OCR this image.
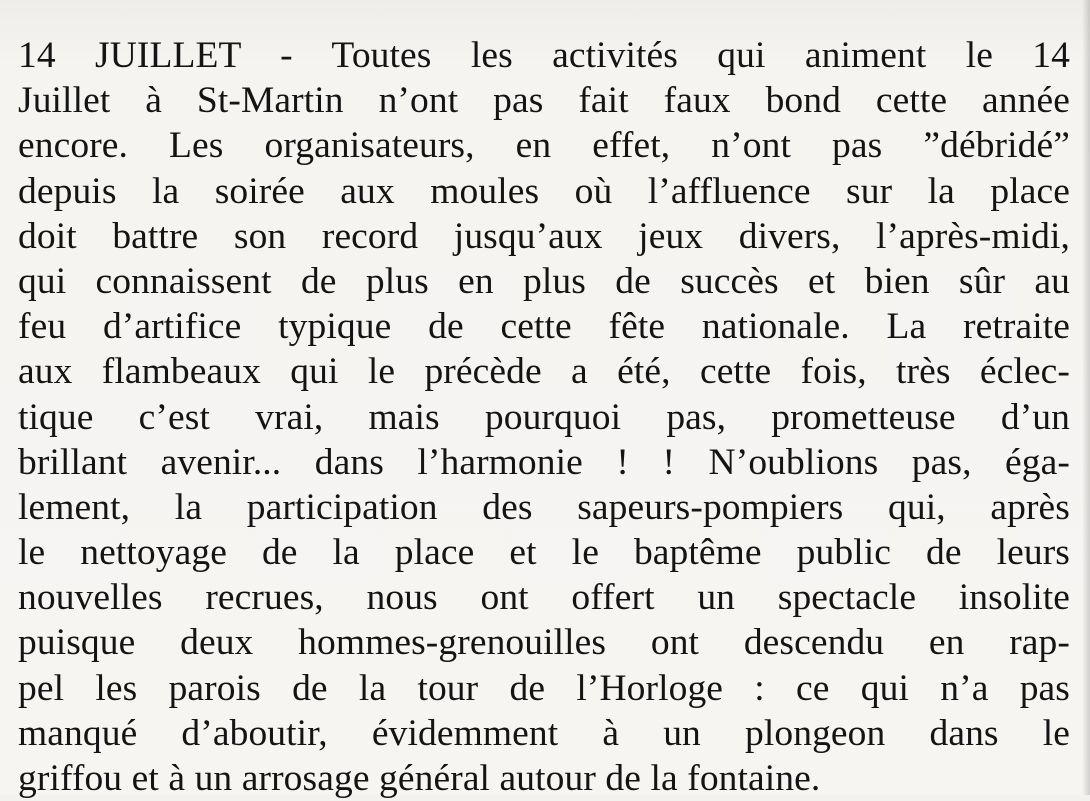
14 JUILLET - Toutes les activités qui animent le 14
Juillet à St-Martin n’ont pas fait faux bond cette année
encore. Les organisateurs, en effet, n’ont pas ”débridé”
depuis la soirée aux moules où l’affluence sur la place
doit battre son record jusqu’aux jeux divers, l’après-midi,
qui connaissent de plus en plus de succès et bien sûr au
feu d’artifice typique de cette fête nationale. La retraite
aux flambeaux qui le précède a été, cette fois, très éclec-
tique c’est vrai, mais pourquoi pas, prometteuse d’un
brillant avenir... dans l’harmonie ! ! N’oublions pas, éga-
lement, la participation des sapeurs-pompiers qui, après
le nettoyage de la place et le baptême public de leurs
nouvelles recrues, nous ont offert un spectacle insolite
puisque deux hommes-grenouilles ont descendu en rap-
pel les parois de la tour de l’Horloge : ce qui n’a pas
manqué d’aboutir, évidemment à un plongeon dans le
griffou et à un arrosage général autour de la fontaine.
